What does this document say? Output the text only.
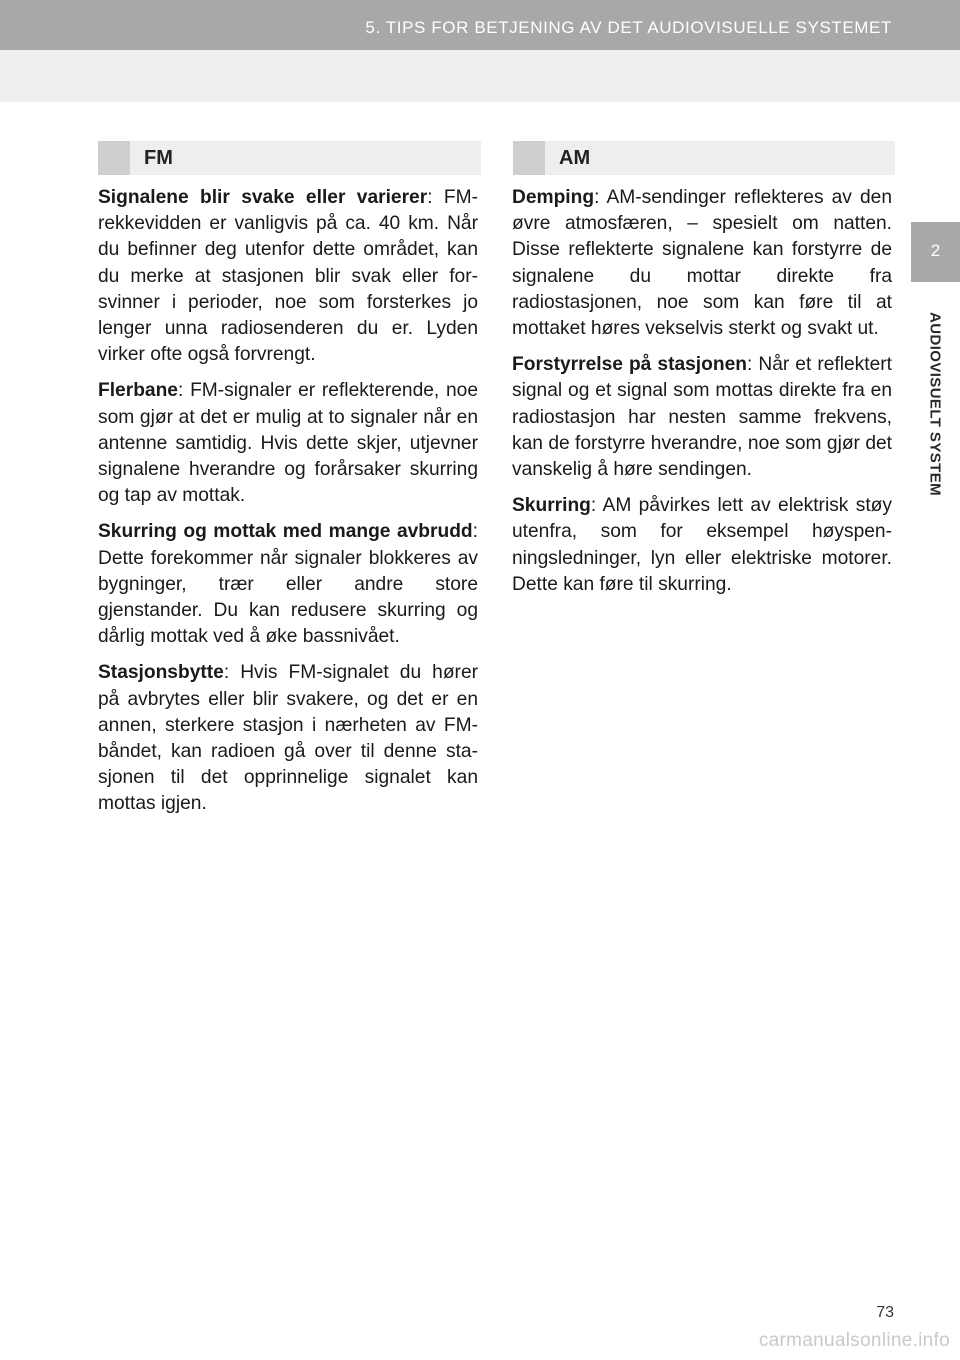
5. TIPS FOR BETJENING AV DET AUDIOVISUELLE SYSTEMET
2
AUDIOVISUELT SYSTEM
FM	AM

Signalene blir svake eller varierer: FM-rekkevidden er vanligvis på ca. 40 km. Når du befinner deg utenfor dette området, kan du merke at stasjonen blir svak eller forsvinner i perioder, noe som forsterkes jo lenger unna radiosenderen du er. Lyden virker ofte også forvrengt.

Flerbane: FM-signaler er reflekterende, noe som gjør at det er mulig at to signaler når en antenne samtidig. Hvis dette skjer, utjevner signalene hverandre og forårsaker skurring og tap av mottak.

Skurring og mottak med mange avbrudd: Dette forekommer når signaler blokkeres av bygninger, trær eller andre store gjenstander. Du kan redusere skurring og dårlig mottak ved å øke bassnivået.

Stasjonsbytte: Hvis FM-signalet du hører på avbrytes eller blir svakere, og det er en annen, sterkere stasjon i nærheten av FM-båndet, kan radioen gå over til denne stasjonen til det opprinnelige signalet kan mottas igjen.

Demping: AM-sendinger reflekteres av den øvre atmosfæren, – spesielt om natten. Disse reflekterte signalene kan forstyrre de signalene du mottar direkte fra radiostasjonen, noe som kan føre til at mottaket høres vekselvis sterkt og svakt ut.

Forstyrrelse på stasjonen: Når et reflektert signal og et signal som mottas direkte fra en radiostasjon har nesten samme frekvens, kan de forstyrre hverandre, noe som gjør det vanskelig å høre sendingen.

Skurring: AM påvirkes lett av elektrisk støy utenfra, som for eksempel høyspenningsledninger, lyn eller elektriske motorer. Dette kan føre til skurring.

73
carmanualsonline.info
